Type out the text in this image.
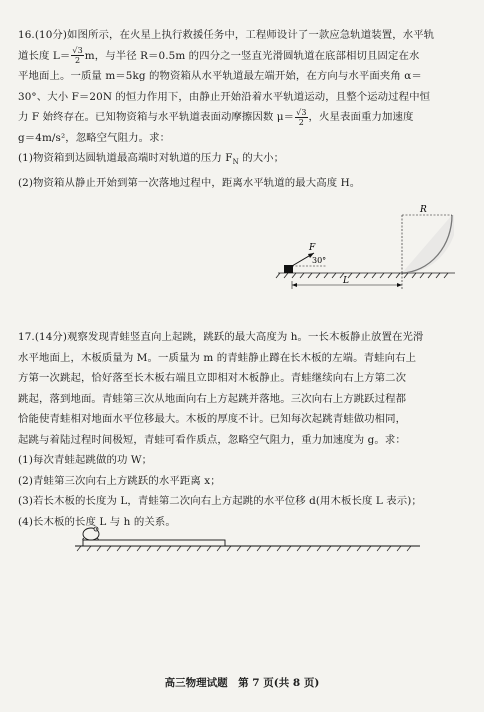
16.(10分)如图所示，在火星上执行救援任务中，工程师设计了一款应急轨道装置，水平轨
道长度 $L= \frac{√3}{2}$ m，与半径 R＝0.5m 的四分之一竖直光滑圆轨道在底部相切且固定在水
平地面上。一质量 m＝5kg 的物资箱从水平轨道最左端开始，在方向与水平面夹角 α＝
30°、大小 F＝20N 的恒力作用下，由静止开始沿着水平轨道运动，且整个运动过程中恒
力 F 始终存在。已知物资箱与水平轨道表面动摩擦因数 $\mu= \frac{√3}{2}$ ，火星表面重力加速度
g＝4m/s²，忽略空气阻力。求：
(1)物资箱到达圆轨道最高端时对轨道的压力 $F_N$ 的大小；
(2)物资箱从静止开始到第一次落地过程中，距离水平轨道的最大高度 H。
F
30°
L
R
17.(14分)观察发现青蛙竖直向上起跳，跳跃的最大高度为 h。一长木板静止放置在光滑
水平地面上，木板质量为 M。一质量为 m 的青蛙静止蹲在长木板的左端。青蛙向右上
方第一次跳起，恰好落至长木板右端且立即相对木板静止。青蛙继续向右上方第二次
跳起，落到地面。青蛙第三次从地面向右上方起跳并落地。三次向右上方跳跃过程都
恰能使青蛙相对地面水平位移最大。木板的厚度不计。已知每次起跳青蛙做功相同，
起跳与着陆过程时间极短，青蛙可看作质点，忽略空气阻力，重力加速度为 g。求：
(1)每次青蛙起跳做的功 W；
(2)青蛙第三次向右上方跳跃的水平距离 x；
(3)若长木板的长度为 L，青蛙第二次向右上方起跳的水平位移 d(用木板长度 L 表示)；
(4)长木板的长度 L 与 h 的关系。
高三物理试题　第 7 页(共 8 页)
